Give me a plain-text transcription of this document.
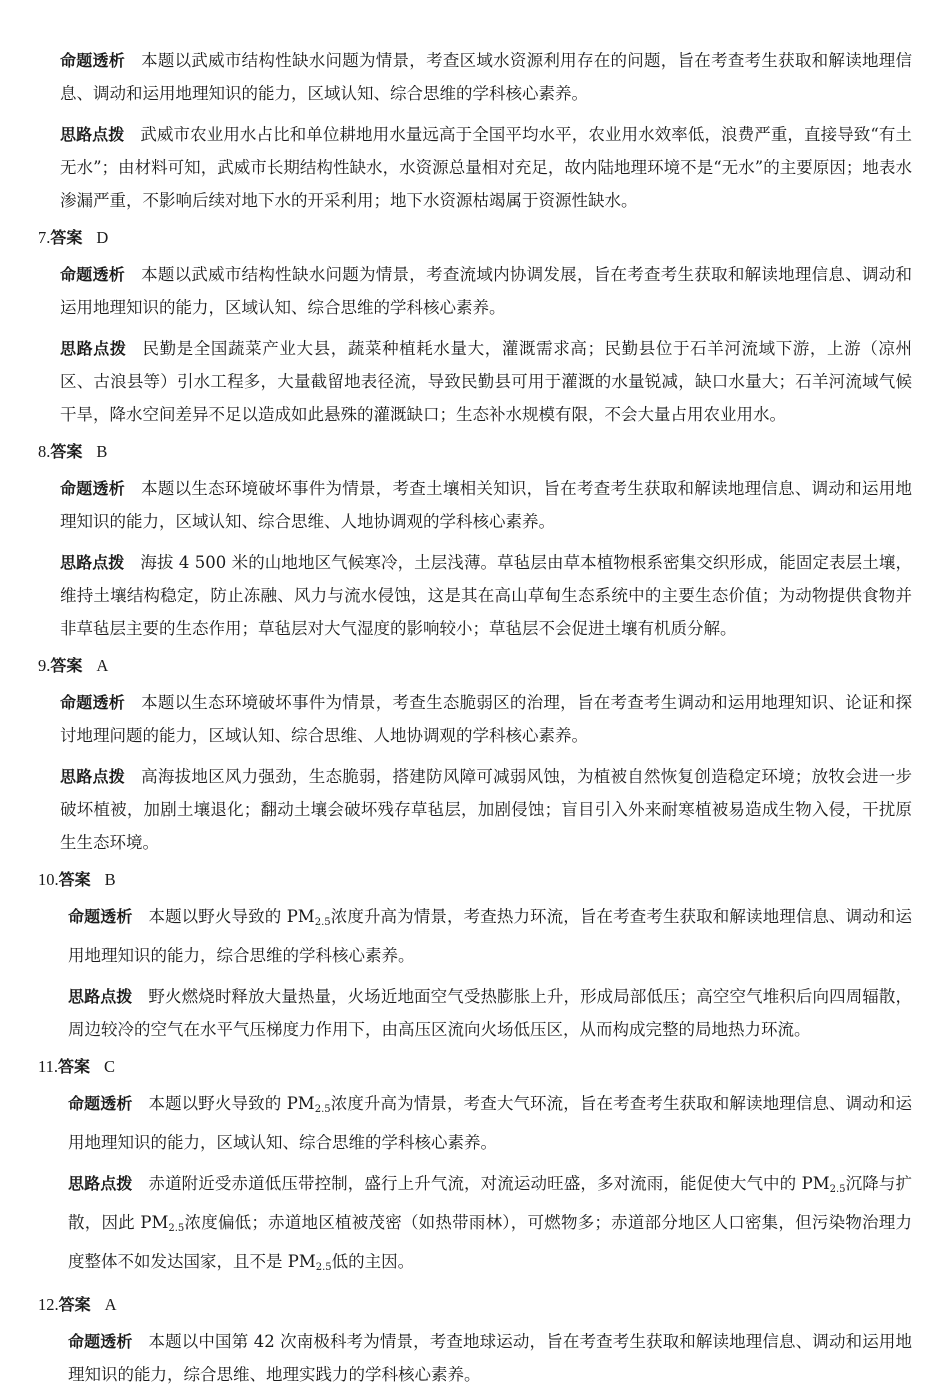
命题透析 本题以武威市结构性缺水问题为情景，考查区域水资源利用存在的问题，旨在考查考生获取和解读地理信息、调动和运用地理知识的能力，区域认知、综合思维的学科核心素养。

思路点拨 武威市农业用水占比和单位耕地用水量远高于全国平均水平，农业用水效率低，浪费严重，直接导致“有土无水”；由材料可知，武威市长期结构性缺水，水资源总量相对充足，故内陆地理环境不是“无水”的主要原因；地表水渗漏严重，不影响后续对地下水的开采利用；地下水资源枯竭属于资源性缺水。

7.答案 D

命题透析 本题以武威市结构性缺水问题为情景，考查流域内协调发展，旨在考查考生获取和解读地理信息、调动和运用地理知识的能力，区域认知、综合思维的学科核心素养。

思路点拨 民勤是全国蔬菜产业大县，蔬菜种植耗水量大，灌溉需求高；民勤县位于石羊河流域下游，上游（凉州区、古浪县等）引水工程多，大量截留地表径流，导致民勤县可用于灌溉的水量锐减，缺口水量大；石羊河流域气候干旱，降水空间差异不足以造成如此悬殊的灌溉缺口；生态补水规模有限，不会大量占用农业用水。

8.答案 B

命题透析 本题以生态环境破坏事件为情景，考查土壤相关知识，旨在考查考生获取和解读地理信息、调动和运用地理知识的能力，区域认知、综合思维、人地协调观的学科核心素养。

思路点拨 海拔 4 500 米的山地地区气候寒冷，土层浅薄。草毡层由草本植物根系密集交织形成，能固定表层土壤，维持土壤结构稳定，防止冻融、风力与流水侵蚀，这是其在高山草甸生态系统中的主要生态价值；为动物提供食物并非草毡层主要的生态作用；草毡层对大气湿度的影响较小；草毡层不会促进土壤有机质分解。

9.答案 A

命题透析 本题以生态环境破坏事件为情景，考查生态脆弱区的治理，旨在考查考生调动和运用地理知识、论证和探讨地理问题的能力，区域认知、综合思维、人地协调观的学科核心素养。

思路点拨 高海拔地区风力强劲，生态脆弱，搭建防风障可减弱风蚀，为植被自然恢复创造稳定环境；放牧会进一步破坏植被，加剧土壤退化；翻动土壤会破坏残存草毡层，加剧侵蚀；盲目引入外来耐寒植被易造成生物入侵，干扰原生生态环境。

10.答案 B

命题透析 本题以野火导致的 $PM_{2.5}$浓度升高为情景，考查热力环流，旨在考查考生获取和解读地理信息、调动和运用地理知识的能力，综合思维的学科核心素养。

思路点拨 野火燃烧时释放大量热量，火场近地面空气受热膨胀上升，形成局部低压；高空空气堆积后向四周辐散，周边较冷的空气在水平气压梯度力作用下，由高压区流向火场低压区，从而构成完整的局地热力环流。

11.答案 C

命题透析 本题以野火导致的 $PM_{2.5}$浓度升高为情景，考查大气环流，旨在考查考生获取和解读地理信息、调动和运用地理知识的能力，区域认知、综合思维的学科核心素养。

思路点拨 赤道附近受赤道低压带控制，盛行上升气流，对流运动旺盛，多对流雨，能促使大气中的 $PM_{2.5}$沉降与扩散，因此 $PM_{2.5}$浓度偏低；赤道地区植被茂密（如热带雨林），可燃物多；赤道部分地区人口密集，但污染物治理力度整体不如发达国家，且不是 $PM_{2.5}$低的主因。

12.答案 A

命题透析 本题以中国第 42 次南极科考为情景，考查地球运动，旨在考查考生获取和解读地理信息、调动和运用地理知识的能力，综合思维、地理实践力的学科核心素养。
